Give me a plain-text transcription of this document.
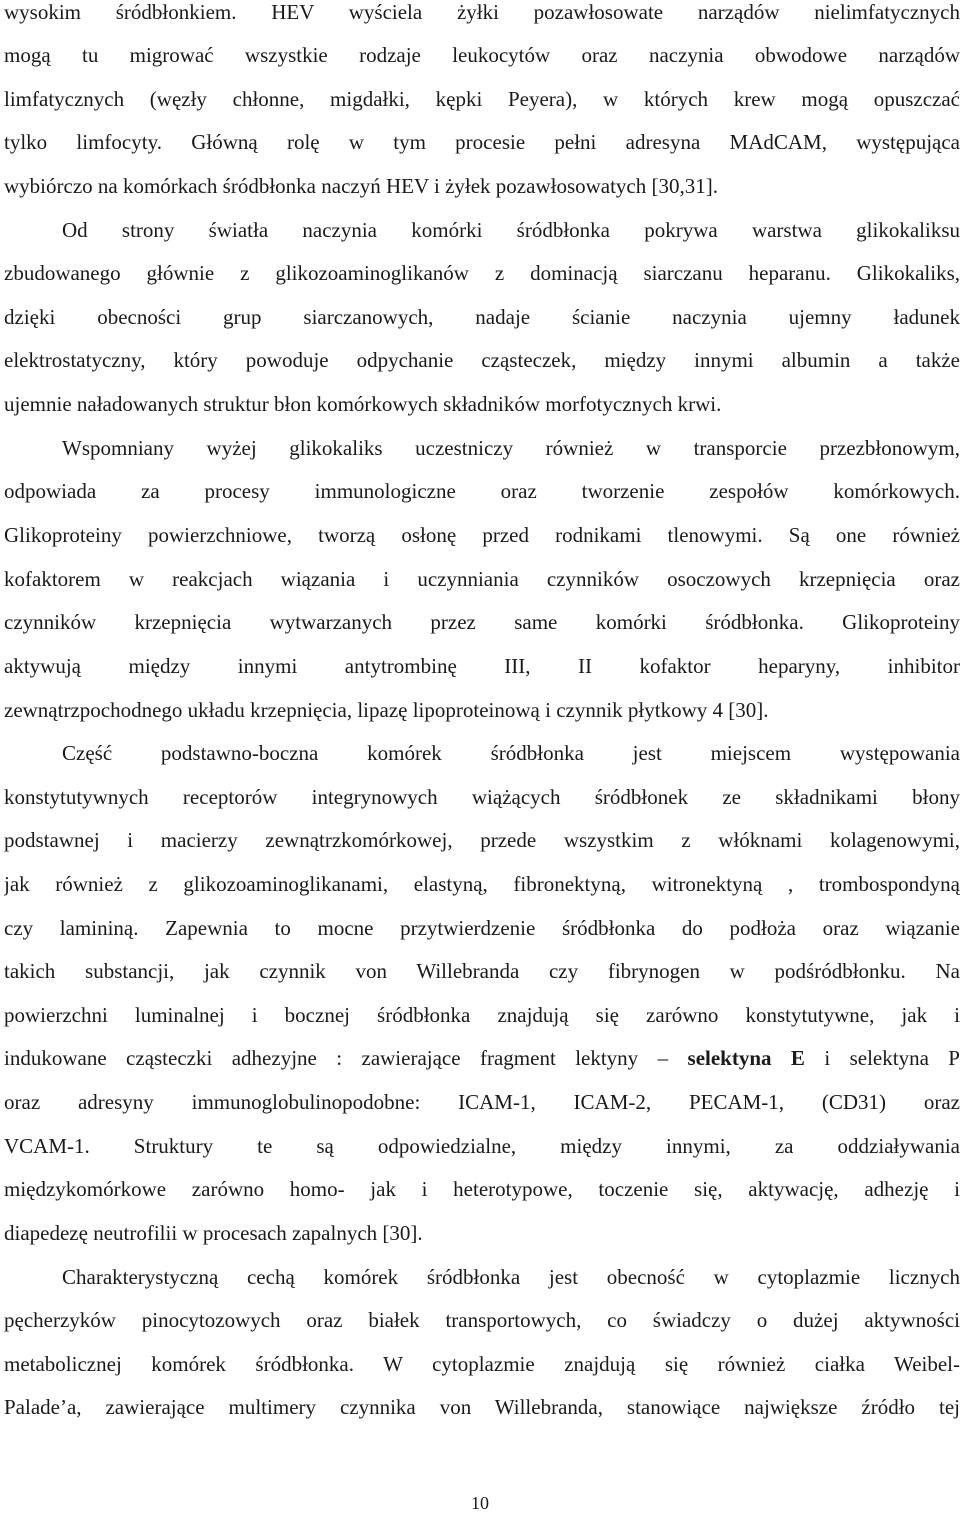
wysokim śródbłonkiem. HEV wyściela żyłki pozawłosowate narządów nielimfatycznych
mogą tu migrować wszystkie rodzaje leukocytów oraz naczynia obwodowe narządów
limfatycznych (węzły chłonne, migdałki, kępki Peyera), w których krew mogą opuszczać
tylko limfocyty. Główną rolę w tym procesie pełni adresyna MAdCAM, występująca
wybiórczo na komórkach śródbłonka naczyń HEV i żyłek pozawłosowatych [30,31].
Od strony światła naczynia komórki śródbłonka pokrywa warstwa glikokaliksu
zbudowanego głównie z glikozoaminoglikanów z dominacją siarczanu heparanu. Glikokaliks,
dzięki obecności grup siarczanowych, nadaje ścianie naczynia ujemny ładunek
elektrostatyczny, który powoduje odpychanie cząsteczek, między innymi albumin a także
ujemnie naładowanych struktur błon komórkowych składników morfotycznych krwi.
Wspomniany wyżej glikokaliks uczestniczy również w transporcie przezbłonowym,
odpowiada za procesy immunologiczne oraz tworzenie zespołów komórkowych.
Glikoproteiny powierzchniowe, tworzą osłonę przed rodnikami tlenowymi. Są one również
kofaktorem w reakcjach wiązania i uczynniania czynników osoczowych krzepnięcia oraz
czynników krzepnięcia wytwarzanych przez same komórki śródbłonka. Glikoproteiny
aktywują między innymi antytrombinę III, II kofaktor heparyny, inhibitor
zewnątrzpochodnego układu krzepnięcia, lipazę lipoproteinową i czynnik płytkowy 4 [30].
Część podstawno-boczna komórek śródbłonka jest miejscem występowania
konstytutywnych receptorów integrynowych wiążących śródbłonek ze składnikami błony
podstawnej i macierzy zewnątrzkomórkowej, przede wszystkim z włóknami kolagenowymi,
jak również z glikozoaminoglikanami, elastyną, fibronektyną, witronektyną , trombospondyną
czy lamininą. Zapewnia to mocne przytwierdzenie śródbłonka do podłoża oraz wiązanie
takich substancji, jak czynnik von Willebranda czy fibrynogen w podśródbłonku. Na
powierzchni luminalnej i bocznej śródbłonka znajdują się zarówno konstytutywne, jak i
indukowane cząsteczki adhezyjne : zawierające fragment lektyny – selektyna E i selektyna P
oraz adresyny immunoglobulinopodobne: ICAM-1, ICAM-2, PECAM-1, (CD31) oraz
VCAM-1. Struktury te są odpowiedzialne, między innymi, za oddziaływania
międzykomórkowe zarówno homo- jak i heterotypowe, toczenie się, aktywację, adhezję i
diapedezę neutrofilii w procesach zapalnych [30].
Charakterystyczną cechą komórek śródbłonka jest obecność w cytoplazmie licznych
pęcherzyków pinocytozowych oraz białek transportowych, co świadczy o dużej aktywności
metabolicznej komórek śródbłonka. W cytoplazmie znajdują się również ciałka Weibel-
Palade’a, zawierające multimery czynnika von Willebranda, stanowiące największe źródło tej
10
